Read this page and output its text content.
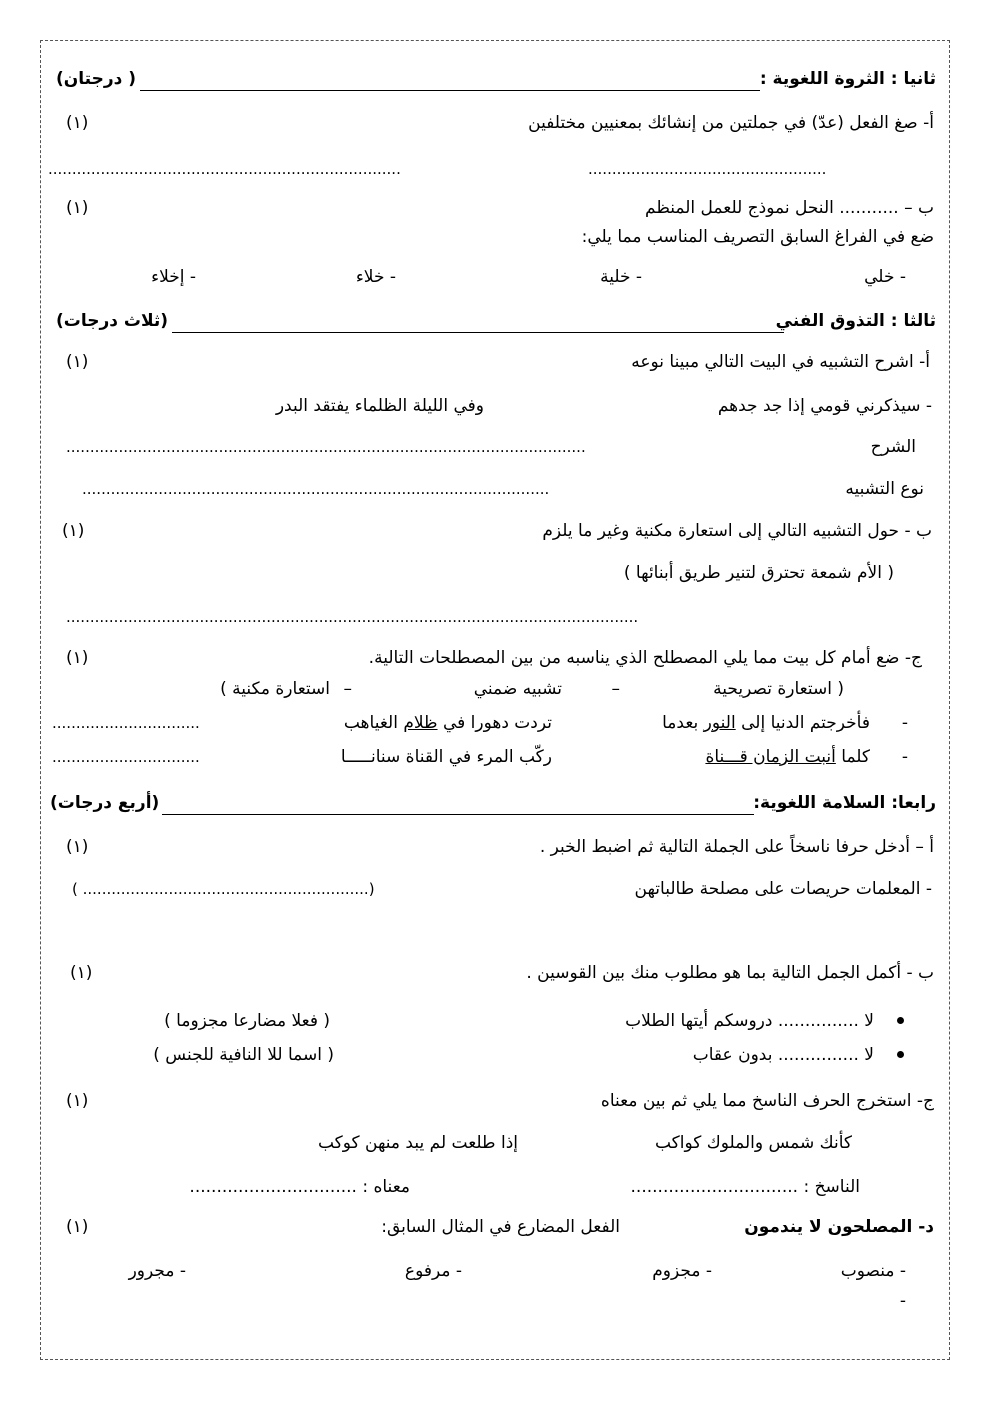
ثانيا : الثروة اللغوية :
( درجتان)
أ- صغ الفعل (عدّ) في جملتين من إنشائك بمعنيين مختلفين
(١)
..................................................
..........................................................................
ب – ........... النحل نموذج للعمل المنظم
(١)
ضع في الفراغ السابق التصريف المناسب مما يلي:
- خلي
- خلية
- خلاء
- إخلاء
ثالثا : التذوق الفني
(ثلاث درجات)
أ- اشرح التشبيه في البيت التالي مبينا نوعه
(١)
- سيذكرني قومي إذا جد جدهم
وفي الليلة الظلماء يفتقد البدر
الشرح
.............................................................................................................
نوع التشبيه
..................................................................................................
ب - حول التشبيه التالي إلى استعارة مكنية وغير ما يلزم
(١)
( الأم شمعة تحترق لتنير طريق أبنائها )
........................................................................................................................
ج- ضع أمام كل بيت مما يلي المصطلح الذي يناسبه من بين المصطلحات التالية.
(١)
( استعارة تصريحية
–
تشبيه ضمني
–
استعارة مكنية )
-
فأخرجتم الدنيا إلى النور بعدما
تردت دهورا في ظلام الغياهب
...............................
-
كلما أنبت الزمان قـــناة
ركّب المرء في القناة سنانـــــا
...............................
رابعا: السلامة اللغوية:
(أربع درجات)
أ – أدخل حرفا ناسخاً على الجملة التالية ثم اضبط الخبر .
(١)
- المعلمات حريصات على مصلحة طالباتهن
(............................................................ )
ب - أكمل الجمل التالية بما هو مطلوب منك بين القوسين .
(١)
لا ............... دروسكم أيتها الطلاب
( فعلا مضارعا مجزوما )
لا ............... بدون عقاب
( اسما للا النافية للجنس )
ج- استخرج الحرف الناسخ مما يلي ثم بين معناه
(١)
كأنك شمس والملوك كواكب
إذا طلعت لم يبد منهن كوكب
الناسخ : ...............................
معناه : ...............................
د- المصلحون لا يندمون
الفعل المضارع في المثال السابق:
(١)
- منصوب
- مجزوم
- مرفوع
- مجرور
-
